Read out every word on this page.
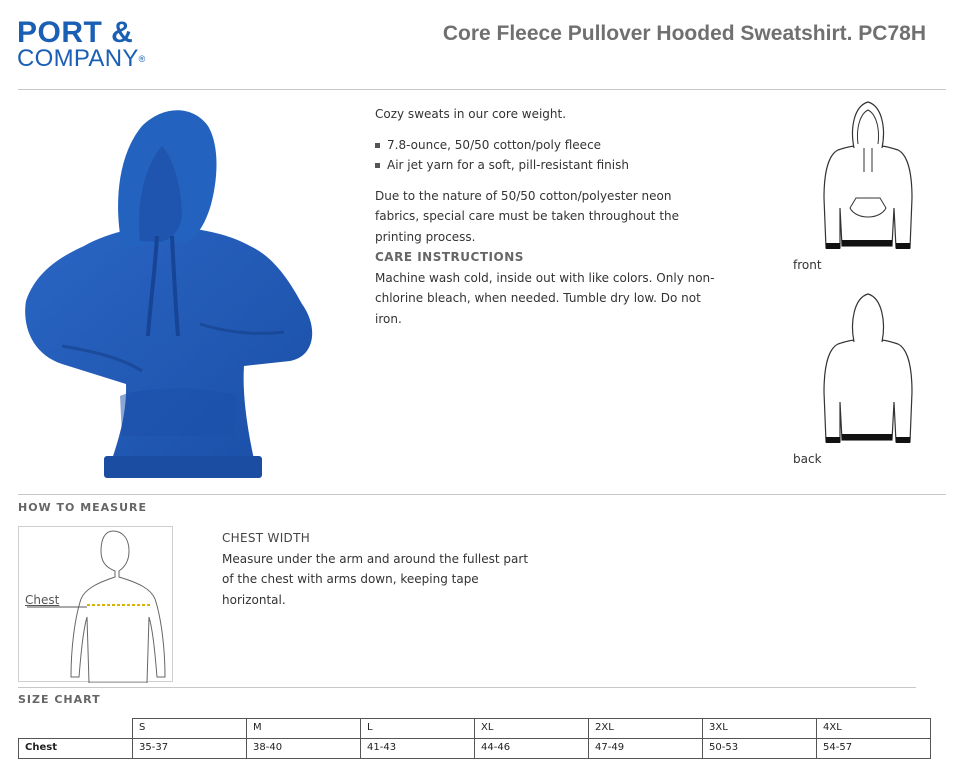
PORT &
COMPANY®
Core Fleece Pullover Hooded Sweatshirt. PC78H

Cozy sweats in our core weight.

7.8-ounce, 50/50 cotton/poly fleece
Air jet yarn for a soft, pill-resistant finish

Due to the nature of 50/50 cotton/polyester neon fabrics, special care must be taken throughout the printing process.

CARE INSTRUCTIONS

Machine wash cold, inside out with like colors. Only non-chlorine bleach, when needed. Tumble dry low. Do not iron.

front
back
HOW TO MEASURE
Chest

CHEST WIDTH

Measure under the arm and around the fullest part of the chest with arms down, keeping tape horizontal.

SIZE CHART
	S	M	L	XL	2XL	3XL	4XL
Chest	35-37	38-40	41-43	44-46	47-49	50-53	54-57
